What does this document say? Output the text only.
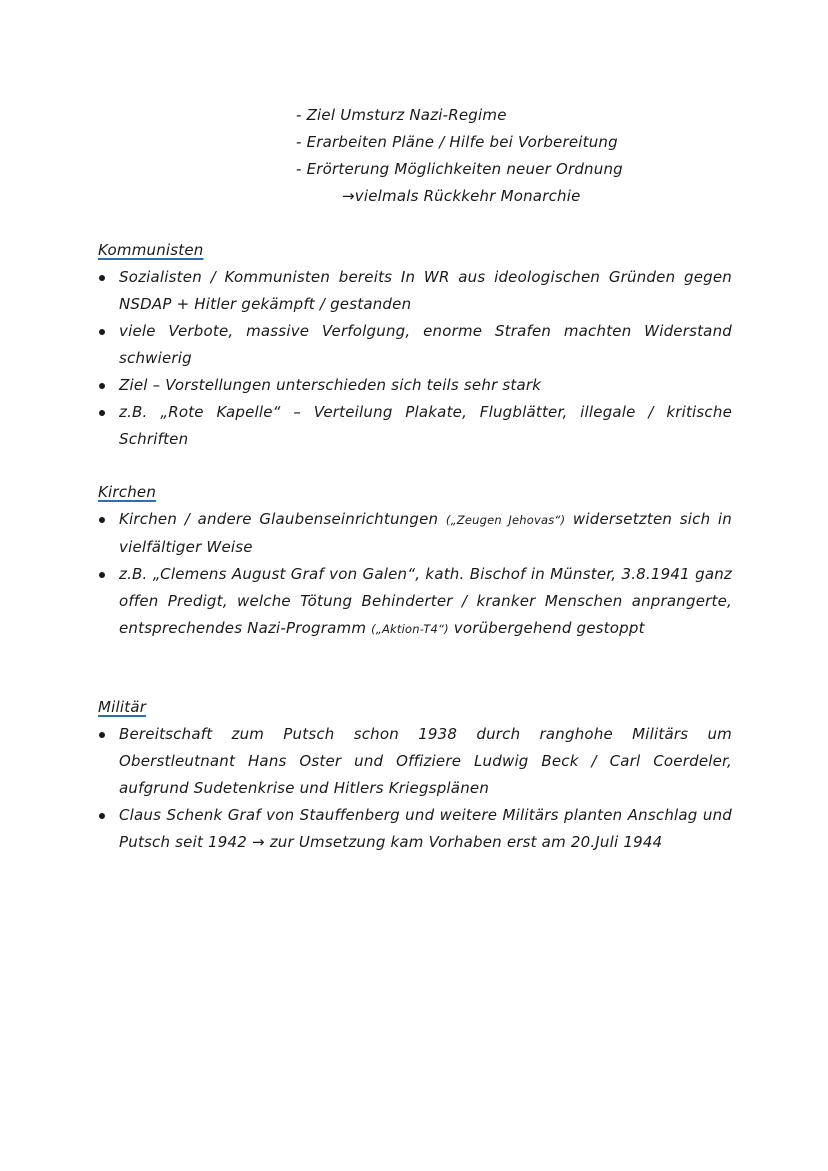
- Ziel Umsturz Nazi-Regime
- Erarbeiten Pläne / Hilfe bei Vorbereitung
- Erörterung Möglichkeiten neuer Ordnung
→vielmals Rückkehr Monarchie
Kommunisten
Sozialisten / Kommunisten bereits In WR aus ideologischen Gründen gegen NSDAP + Hitler gekämpft / gestanden
viele Verbote, massive Verfolgung, enorme Strafen machten Widerstand schwierig
Ziel – Vorstellungen unterschieden sich teils sehr stark
z.B. „Rote Kapelle“ – Verteilung Plakate, Flugblätter, illegale / kritische Schriften
Kirchen
Kirchen / andere Glaubenseinrichtungen („Zeugen Jehovas“) widersetzten sich in vielfältiger Weise
z.B. „Clemens August Graf von Galen“, kath. Bischof in Münster, 3.8.1941 ganz offen Predigt, welche Tötung Behinderter / kranker Menschen anprangerte, entsprechendes Nazi-Programm („Aktion-T4“) vorübergehend gestoppt
Militär
Bereitschaft zum Putsch schon 1938 durch ranghohe Militärs um Oberstleutnant Hans Oster und Offiziere Ludwig Beck / Carl Coerdeler, aufgrund Sudetenkrise und Hitlers Kriegsplänen
Claus Schenk Graf von Stauffenberg und weitere Militärs planten Anschlag und Putsch seit 1942 → zur Umsetzung kam Vorhaben erst am 20.Juli 1944
